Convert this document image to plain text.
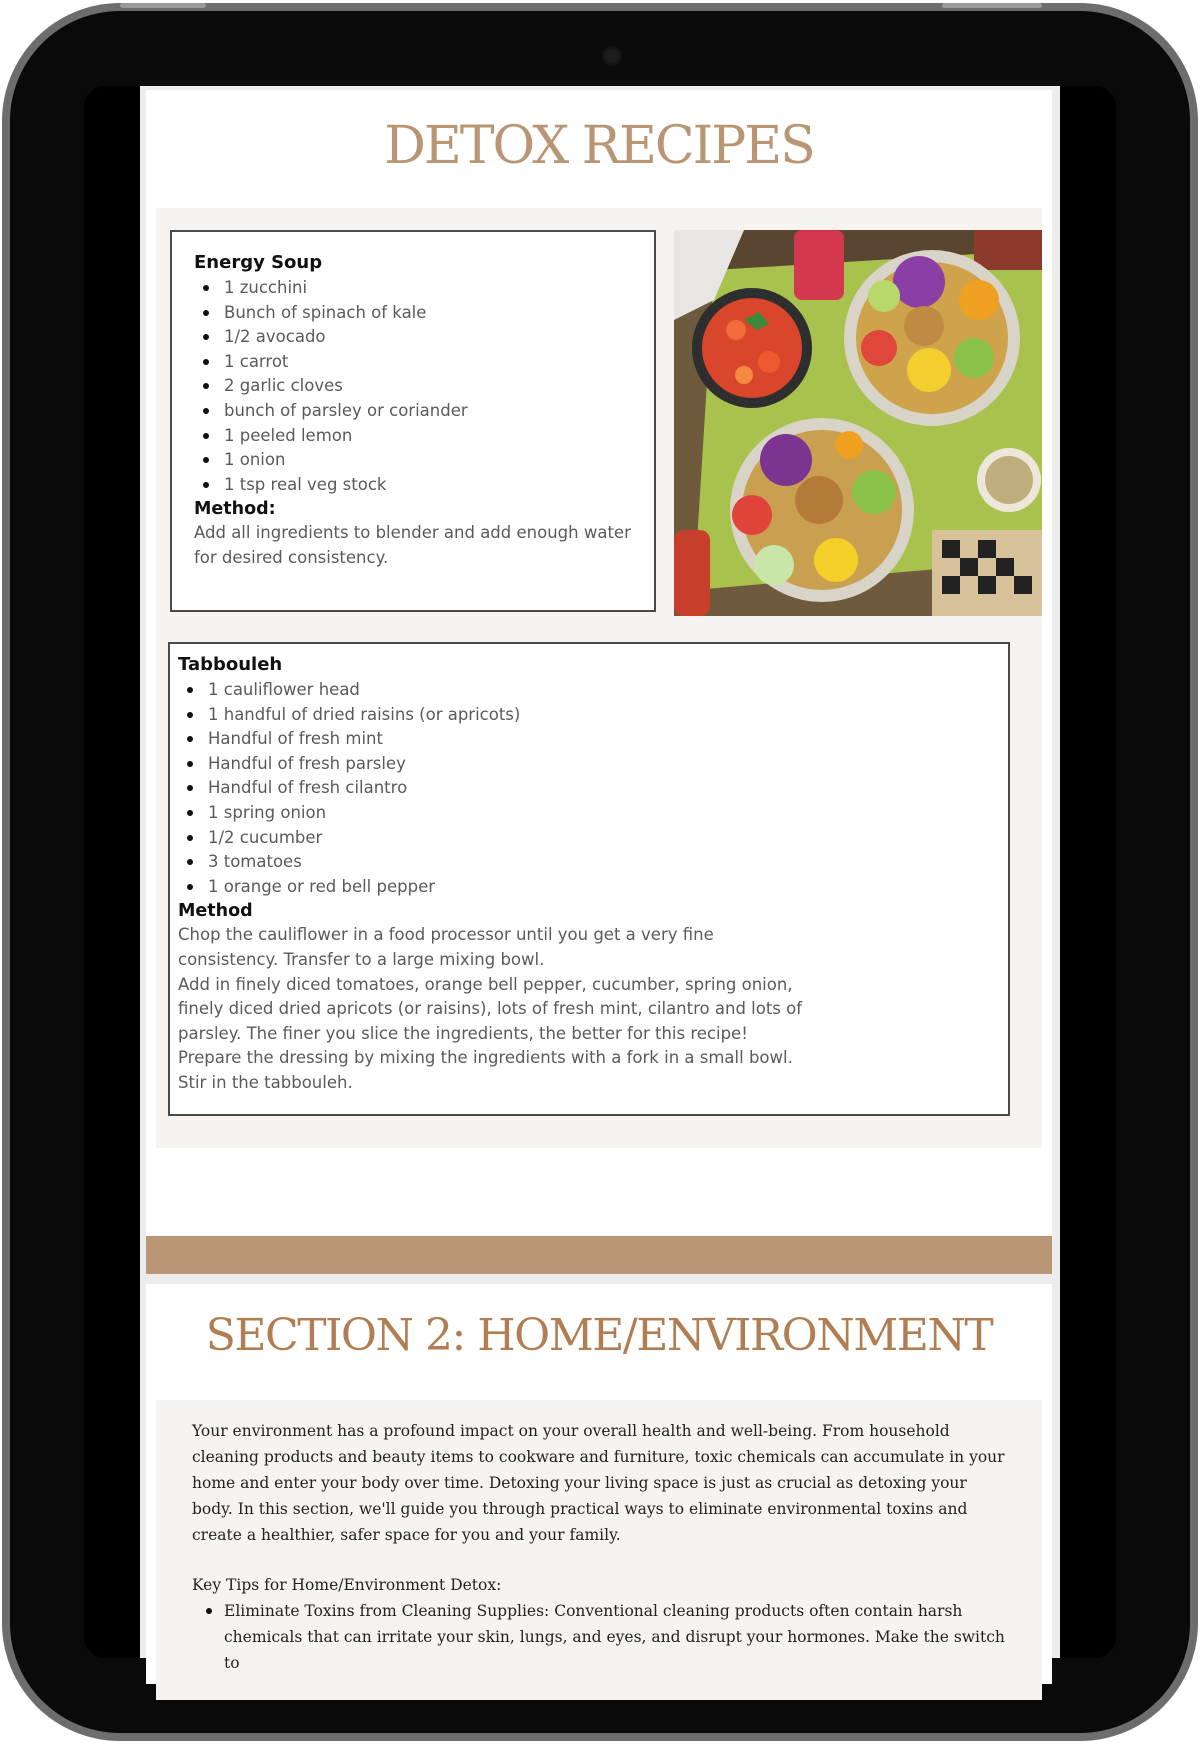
DETOX RECIPES
Energy Soup
1 zucchini
Bunch of spinach of kale
1/2 avocado
1 carrot
2 garlic cloves
bunch of parsley or coriander
1 peeled lemon
1 onion
1 tsp real veg stock
Method:
Add all ingredients to blender and add enough water
for desired consistency.
Tabbouleh
1 cauliflower head
1 handful of dried raisins (or apricots)
Handful of fresh mint
Handful of fresh parsley
Handful of fresh cilantro
1 spring onion
1/2 cucumber
3 tomatoes
1 orange or red bell pepper
Method
Chop the cauliflower in a food processor until you get a very fine
consistency. Transfer to a large mixing bowl.
Add in finely diced tomatoes, orange bell pepper, cucumber, spring onion,
finely diced dried apricots (or raisins), lots of fresh mint, cilantro and lots of
parsley. The finer you slice the ingredients, the better for this recipe!
Prepare the dressing by mixing the ingredients with a fork in a small bowl.
Stir in the tabbouleh.
SECTION 2: HOME/ENVIRONMENT

Your environment has a profound impact on your overall health and well-being. From household cleaning products and beauty items to cookware and furniture, toxic chemicals can accumulate in your home and enter your body over time. Detoxing your living space is just as crucial as detoxing your body. In this section, we'll guide you through practical ways to eliminate environmental toxins and create a healthier, safer space for you and your family.

Key Tips for Home/Environment Detox:
Eliminate Toxins from Cleaning Supplies: Conventional cleaning products often contain harsh chemicals that can irritate your skin, lungs, and eyes, and disrupt your hormones. Make the switch to
